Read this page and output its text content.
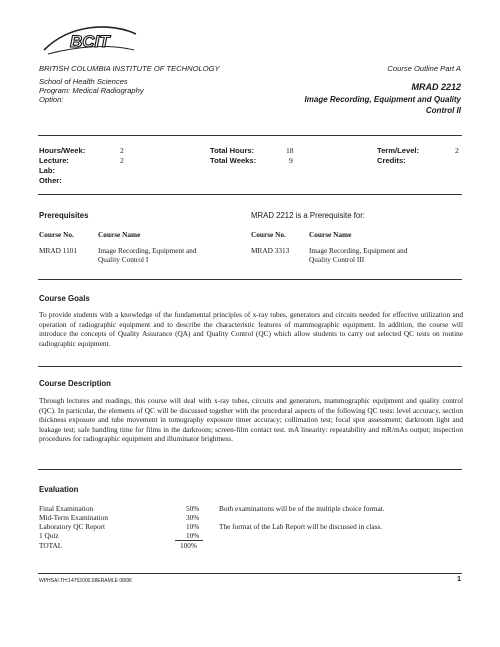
BCIT
BRITISH COLUMBIA INSTITUTE OF TECHNOLOGY
School of Health Sciences
Program: Medical Radiography
Option:
Course Outline Part A
MRAD 2212
Image Recording, Equipment and Quality
Control II
Hours/Week:	2
Lecture:	2
Lab:
Other:
Total Hours:	18
Total Weeks:	9
Term/Level:	2
Credits:
Prerequisites
Course No.	Course Name
MRAD 1101	Image Recording, Equipment and
Quality Control I
MRAD 2212 is a Prerequisite for:
Course No.	Course Name
MRAD 3313	Image Recording, Equipment and
Quality Control III
Course Goals
To provide students with a knowledge of the fundamental principles of x-ray tubes, generators and circuits needed for effective utilization and operation of radiographic equipment and to describe the characteristic features of mammographic equipment. In addition, the course will introduce the concepts of Quality Assurance (QA) and Quality Control (QC) which allow students to carry out selected QC tests on routine radiographic equipment.
Course Description
Through lectures and readings, this course will deal with x-ray tubes, circuits and generators, mammographic equipment and quality control (QC). In particular, the elements of QC will be discussed together with the procedural aspects of the following QC tests: level accuracy, section thickness exposure and tube movement in tomography exposure timer accuracy; collimation test; focal spot assessment; darkroom light and leakage test; safe handling time for films in the darkroom; screen-film contact test. mA linearity: repeatability and mR/mAs output; inspection procedures for radiographic equipment and illuminator brightness.
Evaluation
Final Examination	50%
Mid-Term Examination	30%
Laboratory QC Report	10%
1 Quiz	10%
TOTAL	100%
Both examinations will be of the multiple choice format.
The format of the Lab Report will be discussed in class.
WPHSAI.TH:14752000.58ERAMLE 08/96	1
